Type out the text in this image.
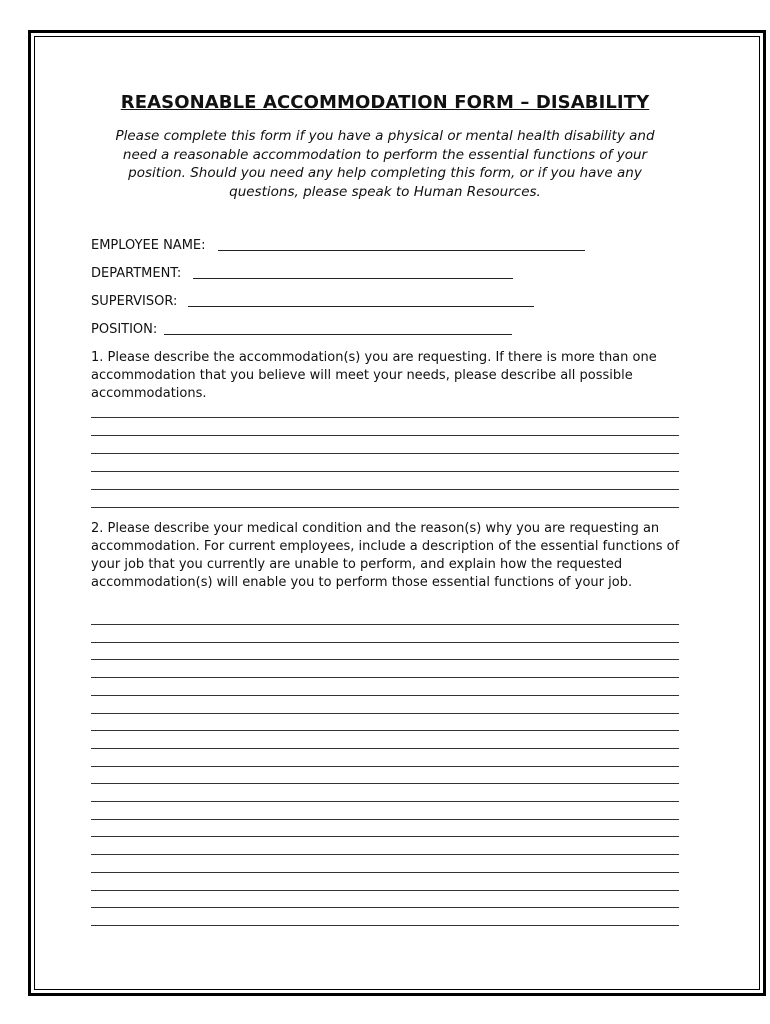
REASONABLE ACCOMMODATION FORM – DISABILITY
Please complete this form if you have a physical or mental health disability and need a reasonable accommodation to perform the essential functions of your position. Should you need any help completing this form, or if you have any questions, please speak to Human Resources.
EMPLOYEE NAME:
DEPARTMENT:
SUPERVISOR:
POSITION:
1. Please describe the accommodation(s) you are requesting. If there is more than one accommodation that you believe will meet your needs, please describe all possible accommodations.
2. Please describe your medical condition and the reason(s) why you are requesting an accommodation. For current employees, include a description of the essential functions of your job that you currently are unable to perform, and explain how the requested accommodation(s) will enable you to perform those essential functions of your job.
